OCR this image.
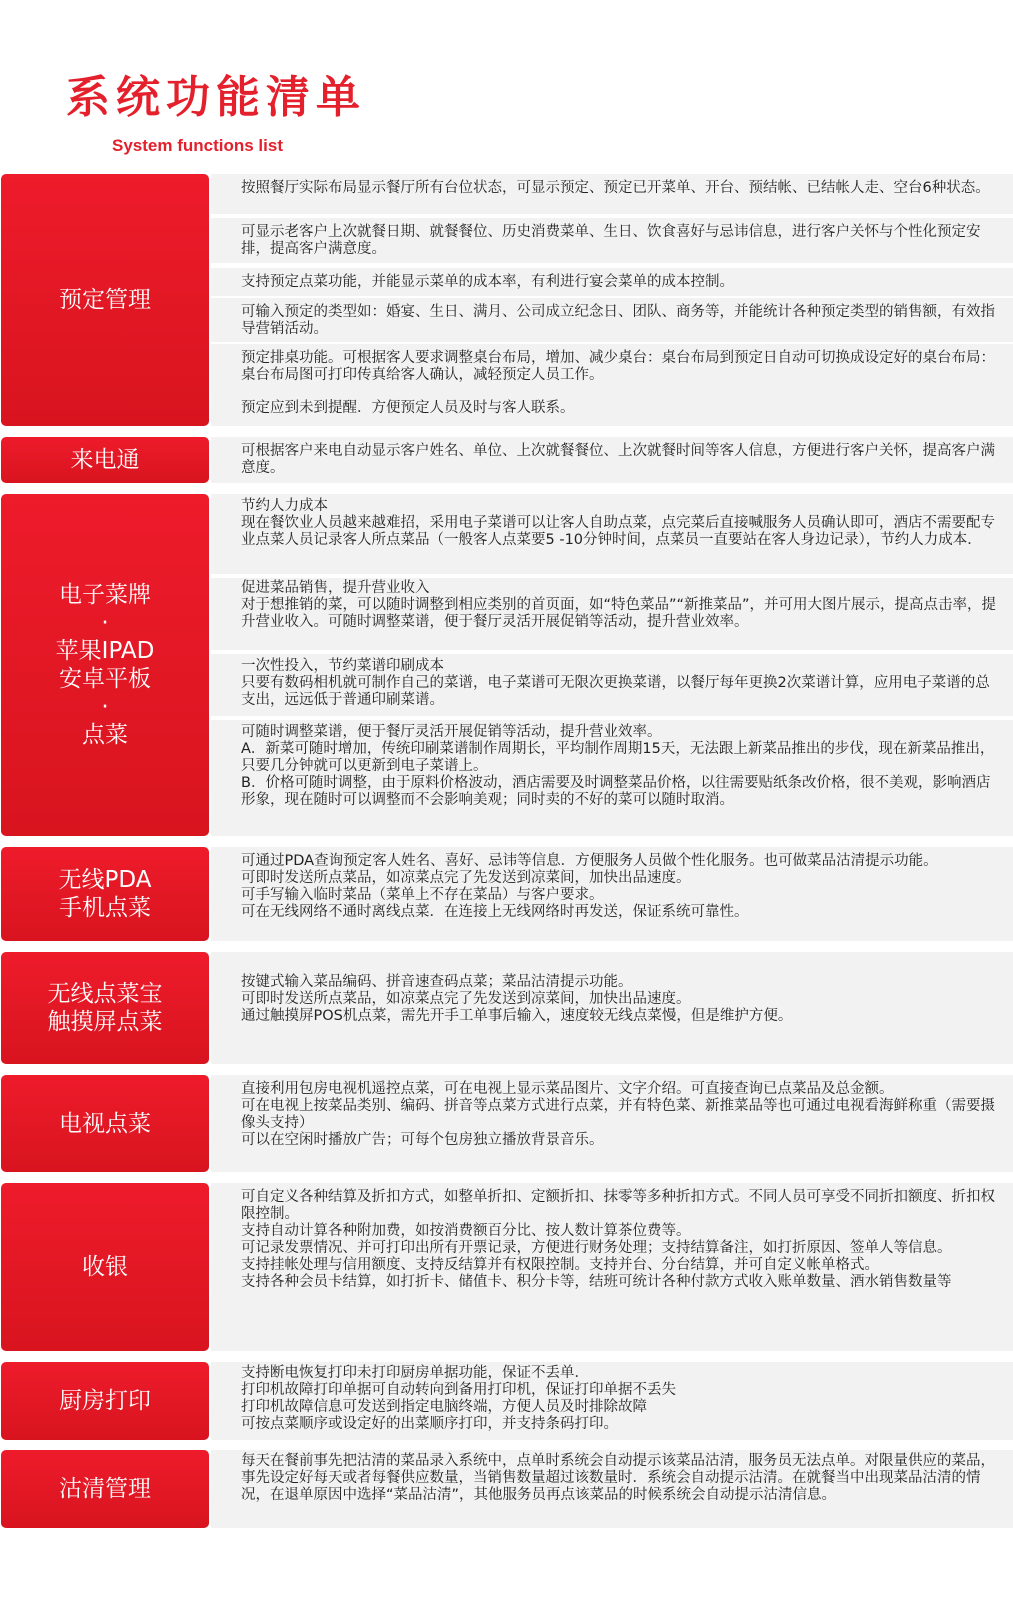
系统功能清单
System functions list
预定管理

按照餐厅实际布局显示餐厅所有台位状态，可显示预定、预定已开菜单、开台、预结帐、已结帐人走、空台6种状态。

可显示老客户上次就餐日期、就餐餐位、历史消费菜单、生日、饮食喜好与忌讳信息，进行客户关怀与个性化预定安排，提高客户满意度。

支持预定点菜功能，并能显示菜单的成本率，有利进行宴会菜单的成本控制。

可输入预定的类型如：婚宴、生日、满月、公司成立纪念日、团队、商务等，并能统计各种预定类型的销售额，有效指导营销活动。

预定排桌功能。可根据客人要求调整桌台布局，增加、减少桌台：桌台布局到预定日自动可切换成设定好的桌台布局：桌台布局图可打印传真给客人确认，减轻预定人员工作。

预定应到未到提醒．方便预定人员及时与客人联系。

来电通	可根据客户来电自动显示客户姓名、单位、上次就餐餐位、上次就餐时间等客人信息，方便进行客户关怀，提高客户满意度。

电子菜牌
·
苹果IPAD
安卓平板
·
点菜

节约人力成本
现在餐饮业人员越来越难招，采用电子菜谱可以让客人自助点菜，点完菜后直接喊服务人员确认即可，酒店不需要配专业点菜人员记录客人所点菜品（一般客人点菜要5 -10分钟时间，点菜员一直要站在客人身边记录），节约人力成本．

促进菜品销售，提升营业收入
对于想推销的菜，可以随时调整到相应类别的首页面，如“特色菜品”“新推菜品”，并可用大图片展示，提高点击率，提升营业收入。可随时调整菜谱，便于餐厅灵活开展促销等活动，提升营业效率。

一次性投入，节约菜谱印刷成本
只要有数码相机就可制作自己的菜谱，电子菜谱可无限次更换菜谱，以餐厅每年更换2次菜谱计算，应用电子菜谱的总支出，远远低于普通印刷菜谱。

可随时调整菜谱，便于餐厅灵活开展促销等活动，提升营业效率。
A．新菜可随时增加，传统印刷菜谱制作周期长，平均制作周期15天，无法跟上新菜品推出的步伐，现在新菜品推出，只要几分钟就可以更新到电子菜谱上。
B．价格可随时调整，由于原料价格波动，酒店需要及时调整菜品价格，以往需要贴纸条改价格，很不美观，影响酒店形象，现在随时可以调整而不会影响美观；同时卖的不好的菜可以随时取消。

无线PDA
手机点菜

可通过PDA查询预定客人姓名、喜好、忌讳等信息．方便服务人员做个性化服务。也可做菜品沽清提示功能。
可即时发送所点菜品，如凉菜点完了先发送到凉菜间，加快出品速度。
可手写输入临时菜品（菜单上不存在菜品）与客户要求。
可在无线网络不通时离线点菜．在连接上无线网络时再发送，保证系统可靠性。

无线点菜宝
触摸屏点菜

按键式输入菜品编码、拼音速查码点菜；菜品沽清提示功能。
可即时发送所点菜品，如凉菜点完了先发送到凉菜间，加快出品速度。
通过触摸屏POS机点菜，需先开手工单事后输入，速度较无线点菜慢，但是维护方便。

电视点菜

直接利用包房电视机遥控点菜，可在电视上显示菜品图片、文字介绍。可直接查询已点菜品及总金额。
可在电视上按菜品类别、编码、拼音等点菜方式进行点菜，并有特色菜、新推菜品等也可通过电视看海鲜称重（需要摄像头支持）
可以在空闲时播放广告；可每个包房独立播放背景音乐。

收银

可自定义各种结算及折扣方式，如整单折扣、定额折扣、抹零等多种折扣方式。不同人员可享受不同折扣额度、折扣权限控制。
支持自动计算各种附加费，如按消费额百分比、按人数计算茶位费等。
可记录发票情况、并可打印出所有开票记录，方便进行财务处理；支持结算备注，如打折原因、签单人等信息。
支持挂帐处理与信用额度、支持反结算并有权限控制。支持并台、分台结算，并可自定义帐单格式。
支持各种会员卡结算，如打折卡、储值卡、积分卡等，结班可统计各种付款方式收入账单数量、酒水销售数量等

厨房打印

支持断电恢复打印未打印厨房单据功能，保证不丢单．
打印机故障打印单据可自动转向到备用打印机，保证打印单据不丢失
打印机故障信息可发送到指定电脑终端，方便人员及时排除故障
可按点菜顺序或设定好的出菜顺序打印，并支持条码打印。

沽清管理

每天在餐前事先把沽清的菜品录入系统中，点单时系统会自动提示该菜品沽清，服务员无法点单。对限量供应的菜品，事先设定好每天或者每餐供应数量，当销售数量超过该数量时．系统会自动提示沽清。在就餐当中出现菜品沽清的情况，在退单原因中选择“菜品沽清”，其他服务员再点该菜品的时候系统会自动提示沽清信息。
